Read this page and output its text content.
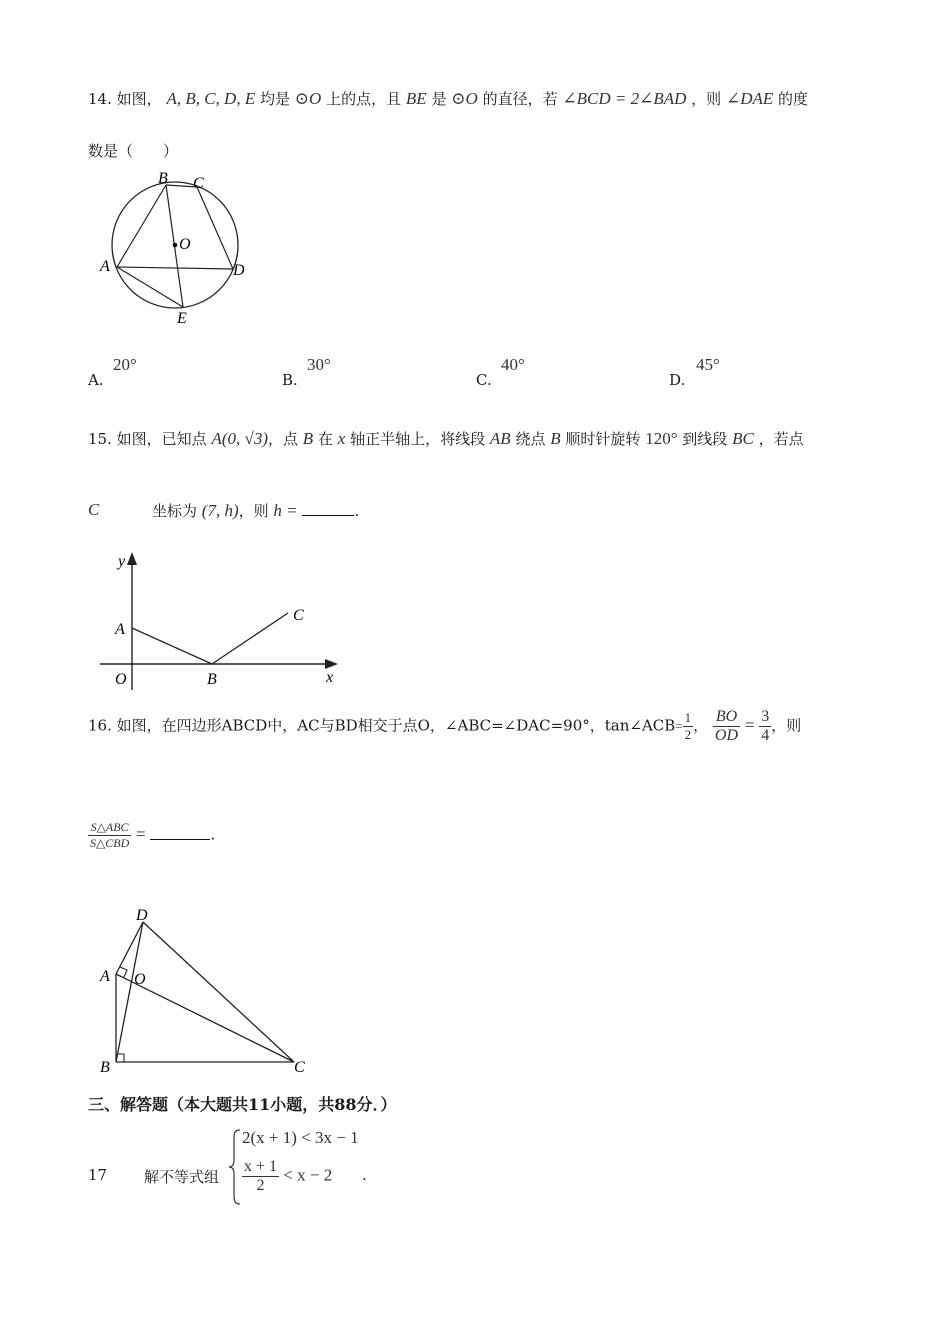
14. 如图， A, B, C, D, E 均是 ⊙O 上的点，且 BE 是 ⊙O 的直径，若 ∠BCD = 2∠BAD ，则 ∠DAE 的度
数是（　　）
B C
O
A	D
E
A.
20°
B.
30°
C.
40°
D.
45°
15. 如图，已知点 A(0, √3)，点 B 在 x 轴正半轴上，将线段 AB 绕点 B 顺时针旋转 120° 到线段 BC ，若点
C	坐标为 (7, h)，则 h =	.
y
A
O	B
C
x
16. 如图，在四边形ABCD中，AC与BD相交于点O，∠ABC=∠DAC=90°，tan∠ACB= $\frac{1}{2}$ ， $\frac{BO}{OD} = \frac{3}{4}$ ，则
$\frac{\text{S△ABC}}{\text{S△CBD}}$ =	.
D
A O
B	C
三、解答题（本大题共11小题，共88分．）
17 解不等式组
2(x + 1) < 3x − 1
$\frac{x + 1}{2} < x - 2$ .
